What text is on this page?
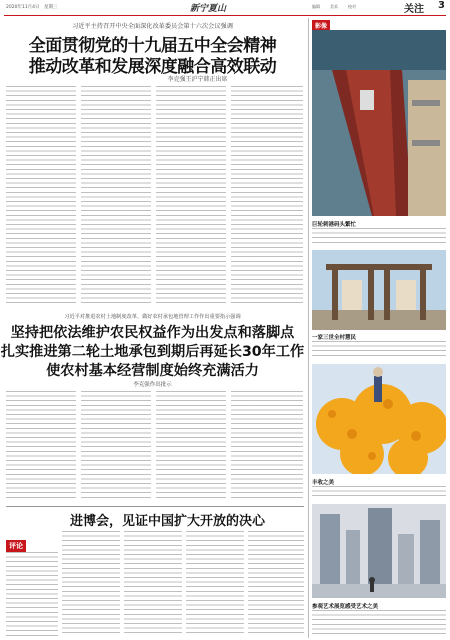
2020年11月4日　星期三	新宁夏山	编辑	美术	校对	关注 3
习近平主持召开中央全面深化改革委员会第十六次会议强调
全面贯彻党的十九届五中全会精神
推动改革和发展深度融合高效联动
李克强王沪宁韩正出席
习近平对推进农村土地制度改革、做好农村承包地管理工作作出重要指示强调
坚持把依法维护农民权益作为出发点和落脚点
扎实推进第二轮土地承包到期后再延长30年工作
使农村基本经营制度始终充满活力
李克强作出批示
进博会，见证中国扩大开放的决心
评论
影像
巨轮刺港码头繁忙
一家三世全村慧民
丰收之美
参观艺术展览感受艺术之美
